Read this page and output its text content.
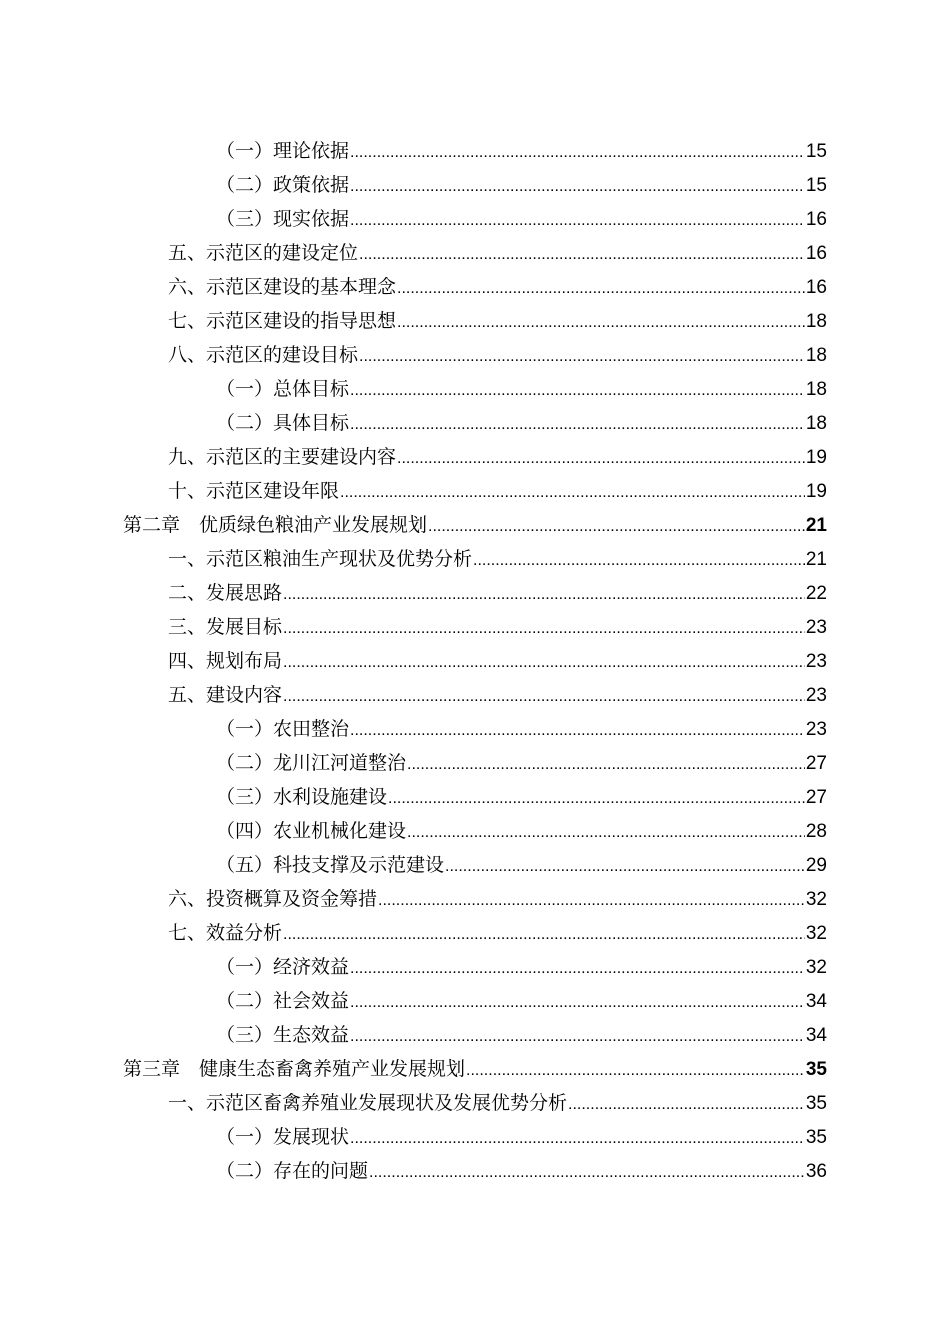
（一）理论依据 .....	15
（二）政策依据 .....	15
（三）现实依据 .....	16
五、示范区的建设定位 .....	16
六、示范区建设的基本理念 .....	16
七、示范区建设的指导思想 .....	18
八、示范区的建设目标 .....	18
（一）总体目标 .....	18
（二）具体目标 .....	18
九、示范区的主要建设内容 .....	19
十、示范区建设年限 .....	19
第二章　优质绿色粮油产业发展规划 .....	21
一、示范区粮油生产现状及优势分析 .....	21
二、发展思路 .....	22
三、发展目标 .....	23
四、规划布局 .....	23
五、建设内容 .....	23
（一）农田整治 .....	23
（二）龙川江河道整治 .....	27
（三）水利设施建设 .....	27
（四）农业机械化建设 .....	28
（五）科技支撑及示范建设 .....	29
六、投资概算及资金筹措 .....	32
七、效益分析 .....	32
（一）经济效益 .....	32
（二）社会效益 .....	34
（三）生态效益 .....	34
第三章　健康生态畜禽养殖产业发展规划 .....	35
一、示范区畜禽养殖业发展现状及发展优势分析 .....	35
（一）发展现状 .....	35
（二）存在的问题 .....	36
